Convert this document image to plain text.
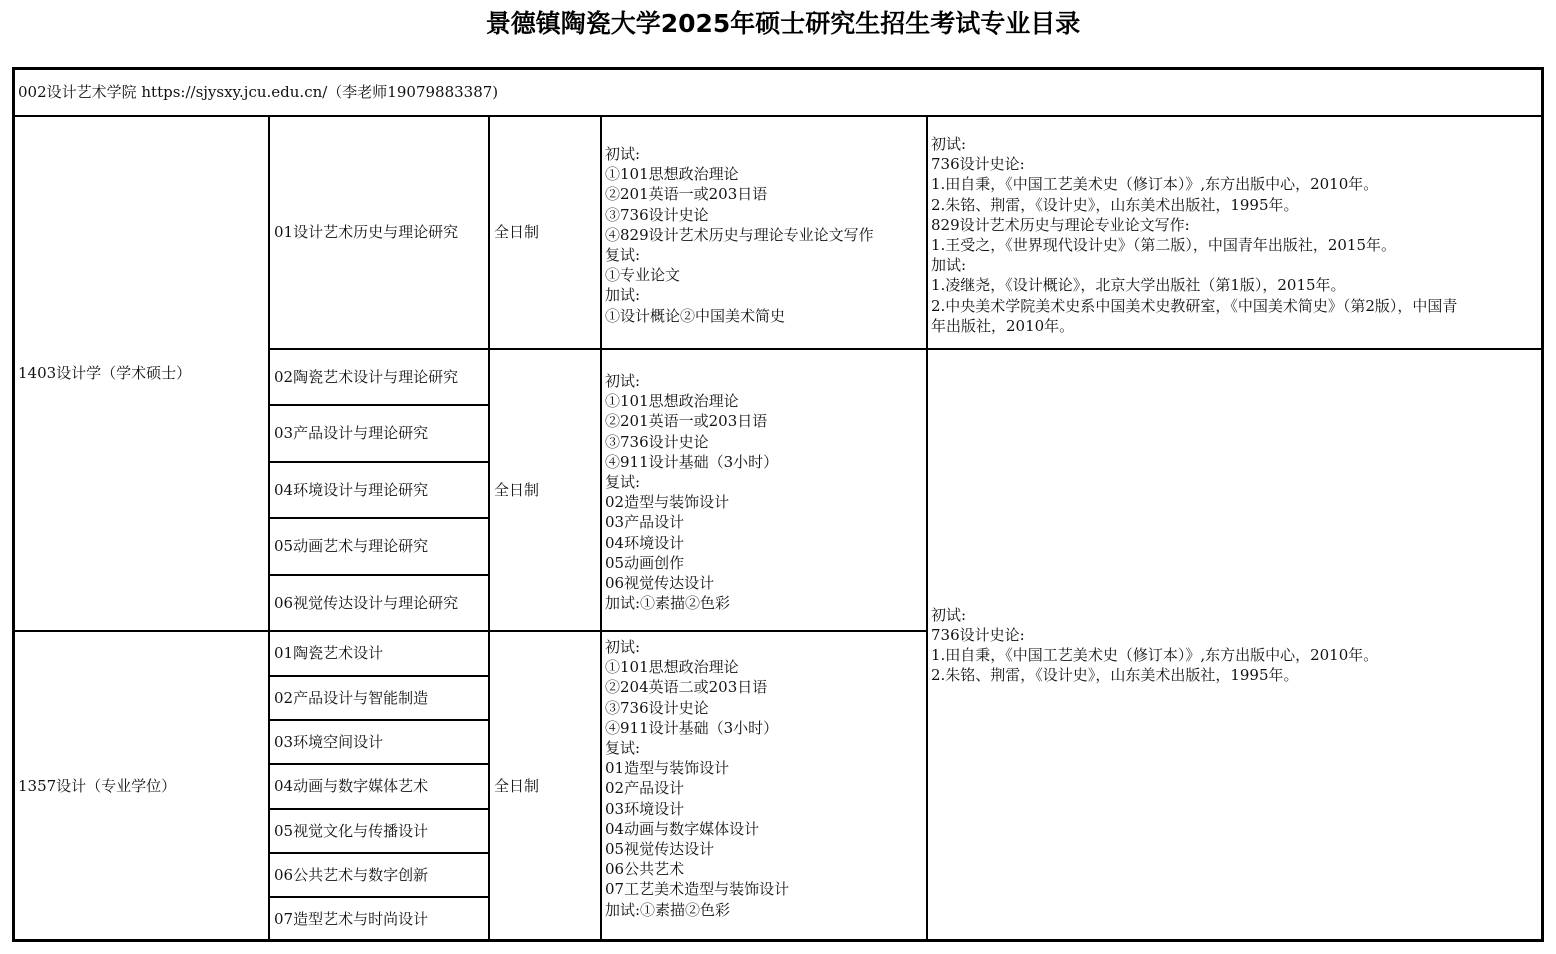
景德镇陶瓷大学2025年硕士研究生招生考试专业目录
002设计艺术学院 https://sjysxy.jcu.edu.cn/（李老师19079883387)
1403设计学（学术硕士）
01设计艺术历史与理论研究 全日制
初试:
①101思想政治理论
②201英语一或203日语
③736设计史论
④829设计艺术历史与理论专业论文写作
复试:
①专业论文
加试:
①设计概论②中国美术简史
初试:
736设计史论:
1.田自秉，《中国工艺美术史（修订本）》,东方出版中心，2010年。
2.朱铭、荆雷，《设计史》，山东美术出版社，1995年。
829设计艺术历史与理论专业论文写作:
1.王受之，《世界现代设计史》（第二版），中国青年出版社，2015年。
加试:
1.凌继尧，《设计概论》，北京大学出版社（第1版），2015年。
2.中央美术学院美术史系中国美术史教研室，《中国美术简史》（第2版），中国青
年出版社，2010年。
02陶瓷艺术设计与理论研究
03产品设计与理论研究
04环境设计与理论研究
05动画艺术与理论研究
06视觉传达设计与理论研究
全日制
初试:
①101思想政治理论
②201英语一或203日语
③736设计史论
④911设计基础（3小时）
复试:
02造型与装饰设计
03产品设计
04环境设计
05动画创作
06视觉传达设计
加试:①素描②色彩
初试:
736设计史论:
1.田自秉，《中国工艺美术史（修订本）》,东方出版中心，2010年。
2.朱铭、荆雷，《设计史》，山东美术出版社，1995年。
1357设计（专业学位）
01陶瓷艺术设计
02产品设计与智能制造
03环境空间设计
04动画与数字媒体艺术
05视觉文化与传播设计
06公共艺术与数字创新
07造型艺术与时尚设计
全日制
初试:
①101思想政治理论
②204英语二或203日语
③736设计史论
④911设计基础（3小时）
复试:
01造型与装饰设计
02产品设计
03环境设计
04动画与数字媒体设计
05视觉传达设计
06公共艺术
07工艺美术造型与装饰设计
加试:①素描②色彩
